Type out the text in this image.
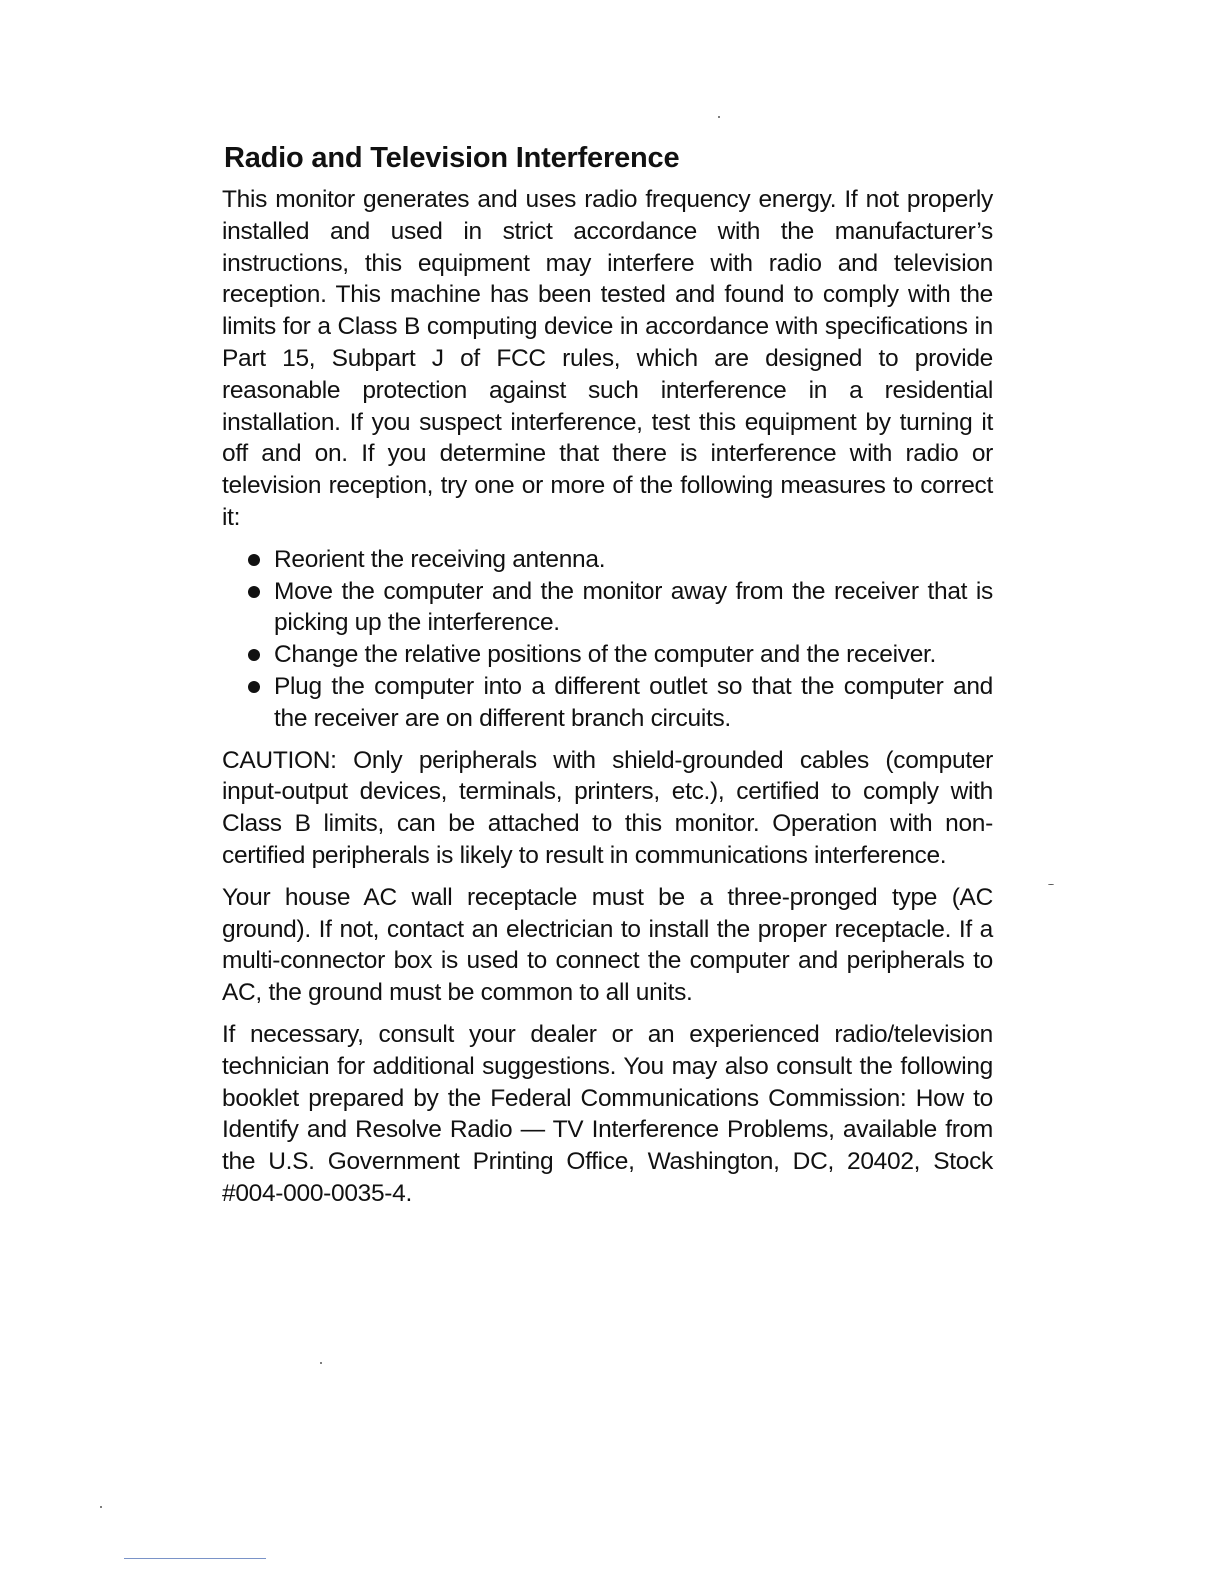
Radio and Television Interference

This monitor generates and uses radio frequency energy. If not properly installed and used in strict accordance with the manufacturer’s instructions, this equipment may interfere with radio and television reception. This machine has been tested and found to comply with the limits for a Class B computing device in accordance with specifications in Part 15, Subpart J of FCC rules, which are designed to provide reasonable protection against such interference in a residential installation. If you suspect interference, test this equipment by turning it off and on. If you determine that there is interference with radio or television reception, try one or more of the following measures to correct it:

Reorient the receiving antenna.
Move the computer and the monitor away from the receiver that is picking up the interference.
Change the relative positions of the computer and the receiver.
Plug the computer into a different outlet so that the computer and the receiver are on different branch circuits.

CAUTION: Only peripherals with shield-grounded cables (computer input-output devices, terminals, printers, etc.), certified to comply with Class B limits, can be attached to this monitor. Operation with non-certified peripherals is likely to result in communications interference.

Your house AC wall receptacle must be a three-pronged type (AC ground). If not, contact an electrician to install the proper receptacle. If a multi-connector box is used to connect the computer and peripherals to AC, the ground must be common to all units.

If necessary, consult your dealer or an experienced radio/television technician for additional suggestions. You may also consult the following booklet prepared by the Federal Communications Commission: How to Identify and Resolve Radio — TV Interference Problems, available from the U.S. Government Printing Office, Washington, DC, 20402, Stock #004-000-0035-4.
